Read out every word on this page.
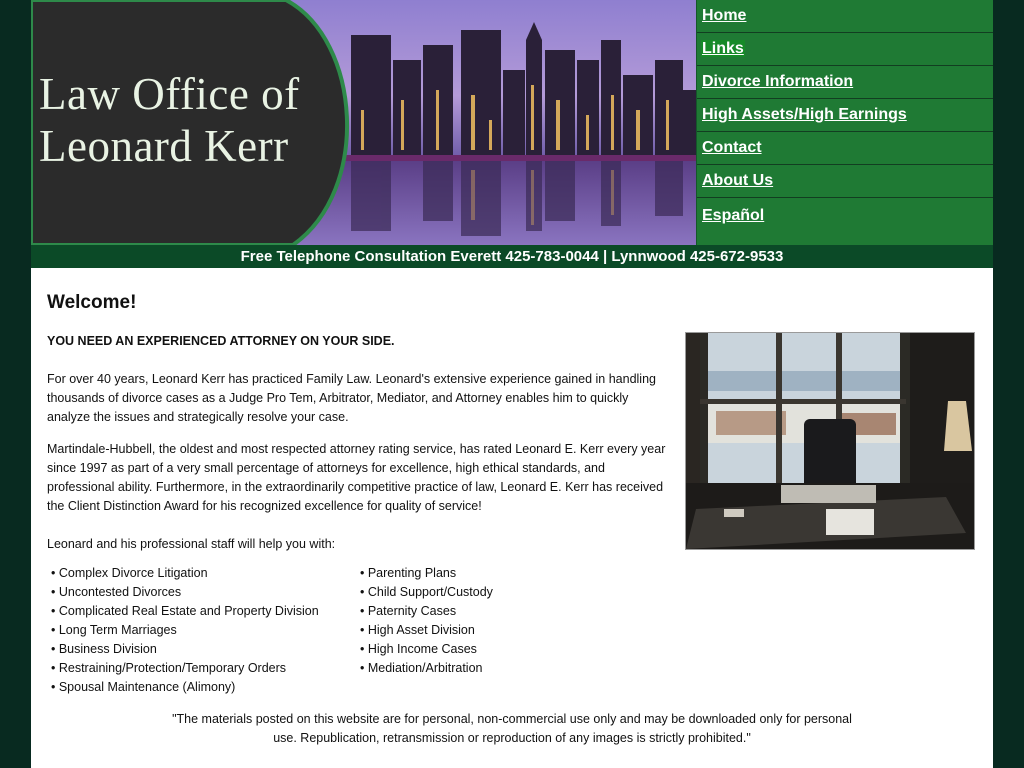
Law Office of
Leonard Kerr
Home
Links
Divorce Information
High Assets/High Earnings
Contact
About Us
Español
Free Telephone Consultation Everett 425-783-0044 | Lynnwood 425-672-9533
Welcome!
YOU NEED AN EXPERIENCED ATTORNEY ON YOUR SIDE.

For over 40 years, Leonard Kerr has practiced Family Law. Leonard's extensive experience gained in handling thousands of divorce cases as a Judge Pro Tem, Arbitrator, Mediator, and Attorney enables him to quickly analyze the issues and strategically resolve your case.

Martindale-Hubbell, the oldest and most respected attorney rating service, has rated Leonard E. Kerr every year since 1997 as part of a very small percentage of attorneys for excellence, high ethical standards, and professional ability. Furthermore, in the extraordinarily competitive practice of law, Leonard E. Kerr has received the Client Distinction Award for his recognized excellence for quality of service!

Leonard and his professional staff will help you with:
• Complex Divorce Litigation
• Uncontested Divorces
• Complicated Real Estate and Property Division
• Long Term Marriages
• Business Division
• Restraining/Protection/Temporary Orders
• Spousal Maintenance (Alimony)
• Parenting Plans
• Child Support/Custody
• Paternity Cases
• High Asset Division
• High Income Cases
• Mediation/Arbitration
"The materials posted on this website are for personal, non-commercial use only and may be downloaded only for personal use. Republication, retransmission or reproduction of any images is strictly prohibited."
